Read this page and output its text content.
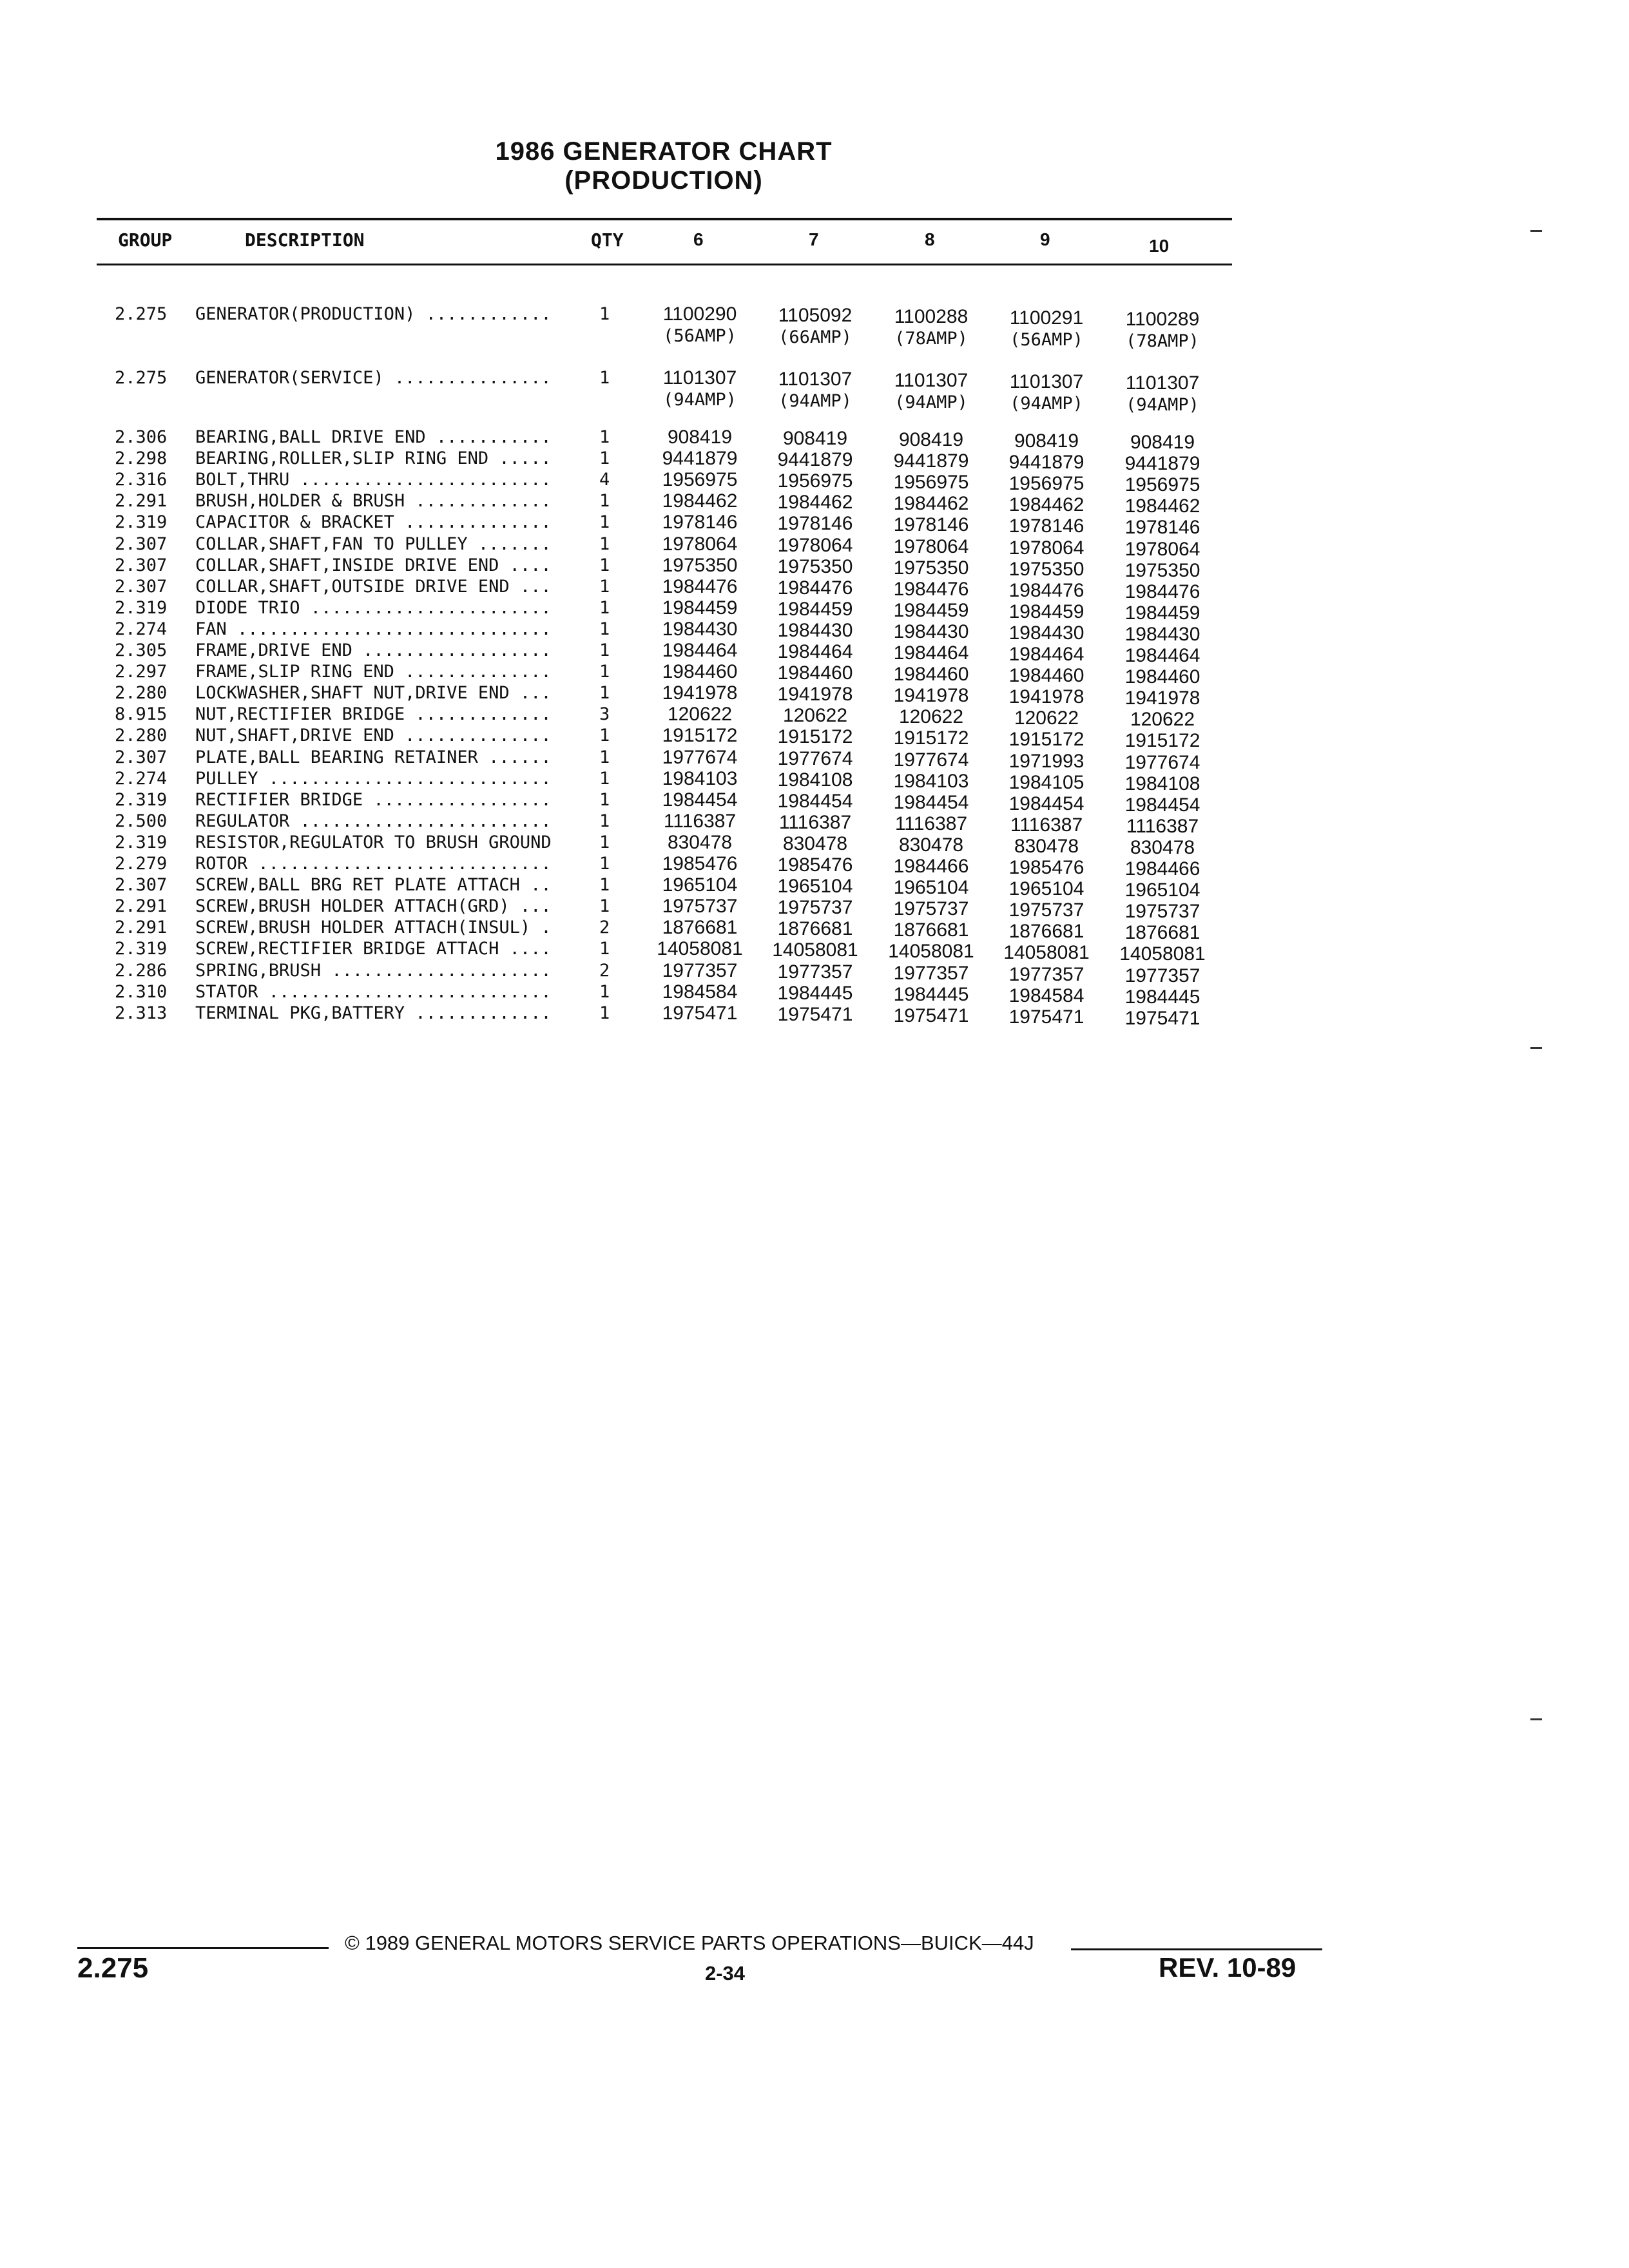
1986 GENERATOR CHART
(PRODUCTION)
GROUP	DESCRIPTION	QTY	6	7	8	9	10
2.275 GENERATOR(PRODUCTION) ............	1	1100290	1105092	1100288	1100291	1100289
(56AMP)	(66AMP)	(78AMP)	(56AMP)	(78AMP)
2.275 GENERATOR(SERVICE) ...............	1	1101307	1101307	1101307	1101307	1101307
(94AMP)	(94AMP)	(94AMP)	(94AMP)	(94AMP)
2.306 BEARING,BALL DRIVE END ...........	1	908419	908419	908419	908419	908419
2.298 BEARING,ROLLER,SLIP RING END .....	1	9441879	9441879	9441879	9441879	9441879
2.316 BOLT,THRU ........................	4	1956975	1956975	1956975	1956975	1956975
2.291 BRUSH,HOLDER & BRUSH .............	1	1984462	1984462	1984462	1984462	1984462
2.319 CAPACITOR & BRACKET ..............	1	1978146	1978146	1978146	1978146	1978146
2.307 COLLAR,SHAFT,FAN TO PULLEY .......	1	1978064	1978064	1978064	1978064	1978064
2.307 COLLAR,SHAFT,INSIDE DRIVE END ....	1	1975350	1975350	1975350	1975350	1975350
2.307 COLLAR,SHAFT,OUTSIDE DRIVE END ...	1	1984476	1984476	1984476	1984476	1984476
2.319 DIODE TRIO .......................	1	1984459	1984459	1984459	1984459	1984459
2.274 FAN ..............................	1	1984430	1984430	1984430	1984430	1984430
2.305 FRAME,DRIVE END ..................	1	1984464	1984464	1984464	1984464	1984464
2.297 FRAME,SLIP RING END ..............	1	1984460	1984460	1984460	1984460	1984460
2.280 LOCKWASHER,SHAFT NUT,DRIVE END ...	1	1941978	1941978	1941978	1941978	1941978
8.915 NUT,RECTIFIER BRIDGE .............	3	120622	120622	120622	120622	120622
2.280 NUT,SHAFT,DRIVE END ..............	1	1915172	1915172	1915172	1915172	1915172
2.307 PLATE,BALL BEARING RETAINER ......	1	1977674	1977674	1977674	1971993	1977674
2.274 PULLEY ...........................	1	1984103	1984108	1984103	1984105	1984108
2.319 RECTIFIER BRIDGE .................	1	1984454	1984454	1984454	1984454	1984454
2.500 REGULATOR ........................	1	1116387	1116387	1116387	1116387	1116387
2.319 RESISTOR,REGULATOR TO BRUSH GROUND	1	830478	830478	830478	830478	830478
2.279 ROTOR ............................	1	1985476	1985476	1984466	1985476	1984466
2.307 SCREW,BALL BRG RET PLATE ATTACH ..	1	1965104	1965104	1965104	1965104	1965104
2.291 SCREW,BRUSH HOLDER ATTACH(GRD) ...	1	1975737	1975737	1975737	1975737	1975737
2.291 SCREW,BRUSH HOLDER ATTACH(INSUL) .	2	1876681	1876681	1876681	1876681	1876681
2.319 SCREW,RECTIFIER BRIDGE ATTACH ....	1 14058081 14058081 14058081 14058081 14058081
2.286 SPRING,BRUSH .....................	2	1977357	1977357	1977357	1977357	1977357
2.310 STATOR ...........................	1	1984584	1984445	1984445	1984584	1984445
2.313 TERMINAL PKG,BATTERY .............	1	1975471	1975471	1975471	1975471	1975471
© 1989 GENERAL MOTORS SERVICE PARTS OPERATIONS—BUICK—44J
2.275	2-34	REV. 10-89
